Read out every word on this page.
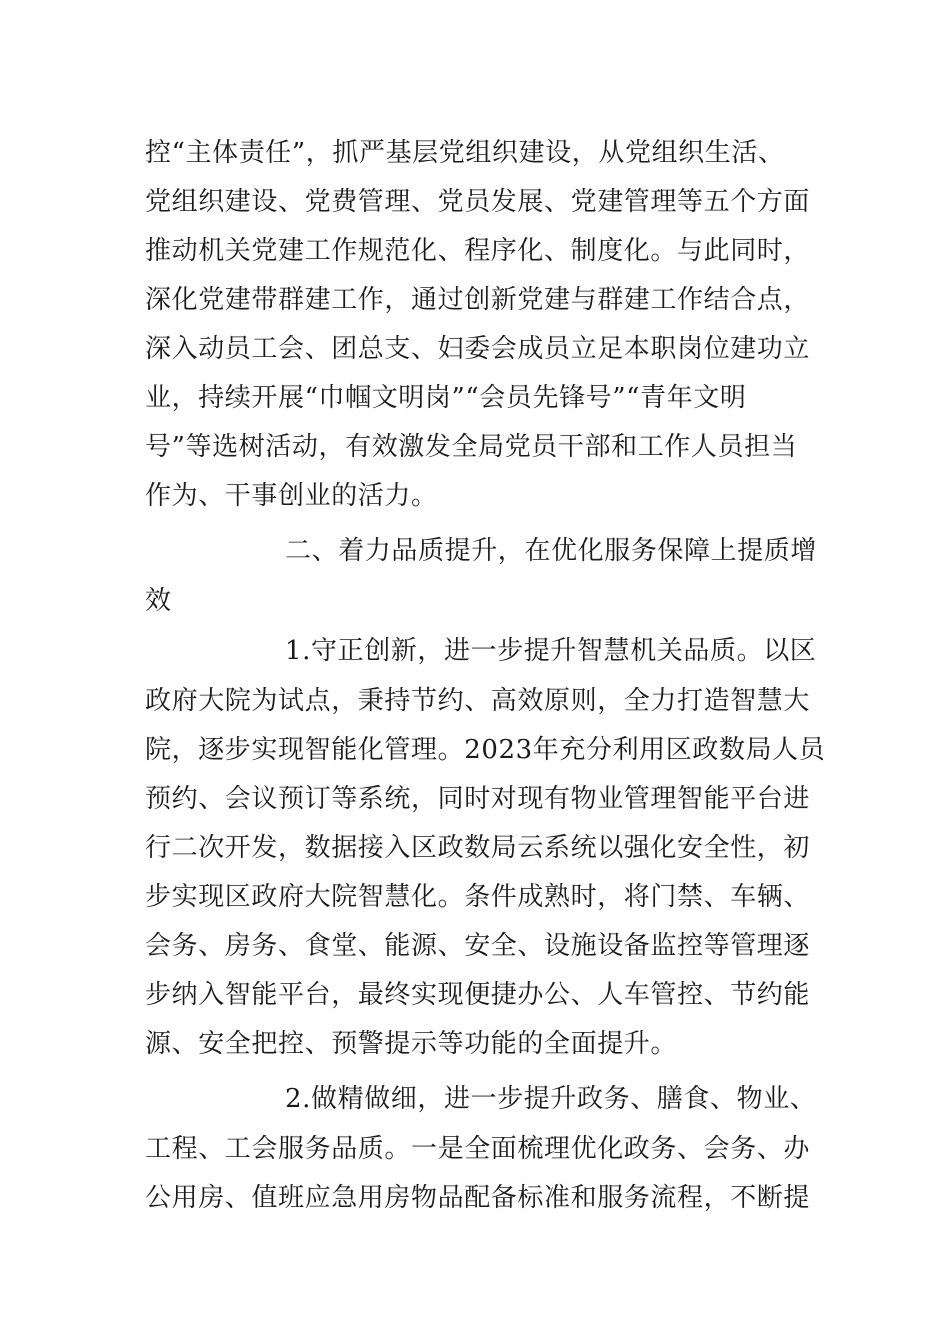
控“主体责任”，抓严基层党组织建设，从党组织生活、
党组织建设、党费管理、党员发展、党建管理等五个方面
推动机关党建工作规范化、程序化、制度化。与此同时，
深化党建带群建工作，通过创新党建与群建工作结合点，
深入动员工会、团总支、妇委会成员立足本职岗位建功立
业，持续开展“巾帼文明岗”“会员先锋号”“青年文明
号”等选树活动，有效激发全局党员干部和工作人员担当
作为、干事创业的活力。
二、着力品质提升，在优化服务保障上提质增
效
1.守正创新，进一步提升智慧机关品质。以区
政府大院为试点，秉持节约、高效原则，全力打造智慧大
院，逐步实现智能化管理。2023年充分利用区政数局人员
预约、会议预订等系统，同时对现有物业管理智能平台进
行二次开发，数据接入区政数局云系统以强化安全性，初
步实现区政府大院智慧化。条件成熟时，将门禁、车辆、
会务、房务、食堂、能源、安全、设施设备监控等管理逐
步纳入智能平台，最终实现便捷办公、人车管控、节约能
源、安全把控、预警提示等功能的全面提升。
2.做精做细，进一步提升政务、膳食、物业、
工程、工会服务品质。一是全面梳理优化政务、会务、办
公用房、值班应急用房物品配备标准和服务流程，不断提
